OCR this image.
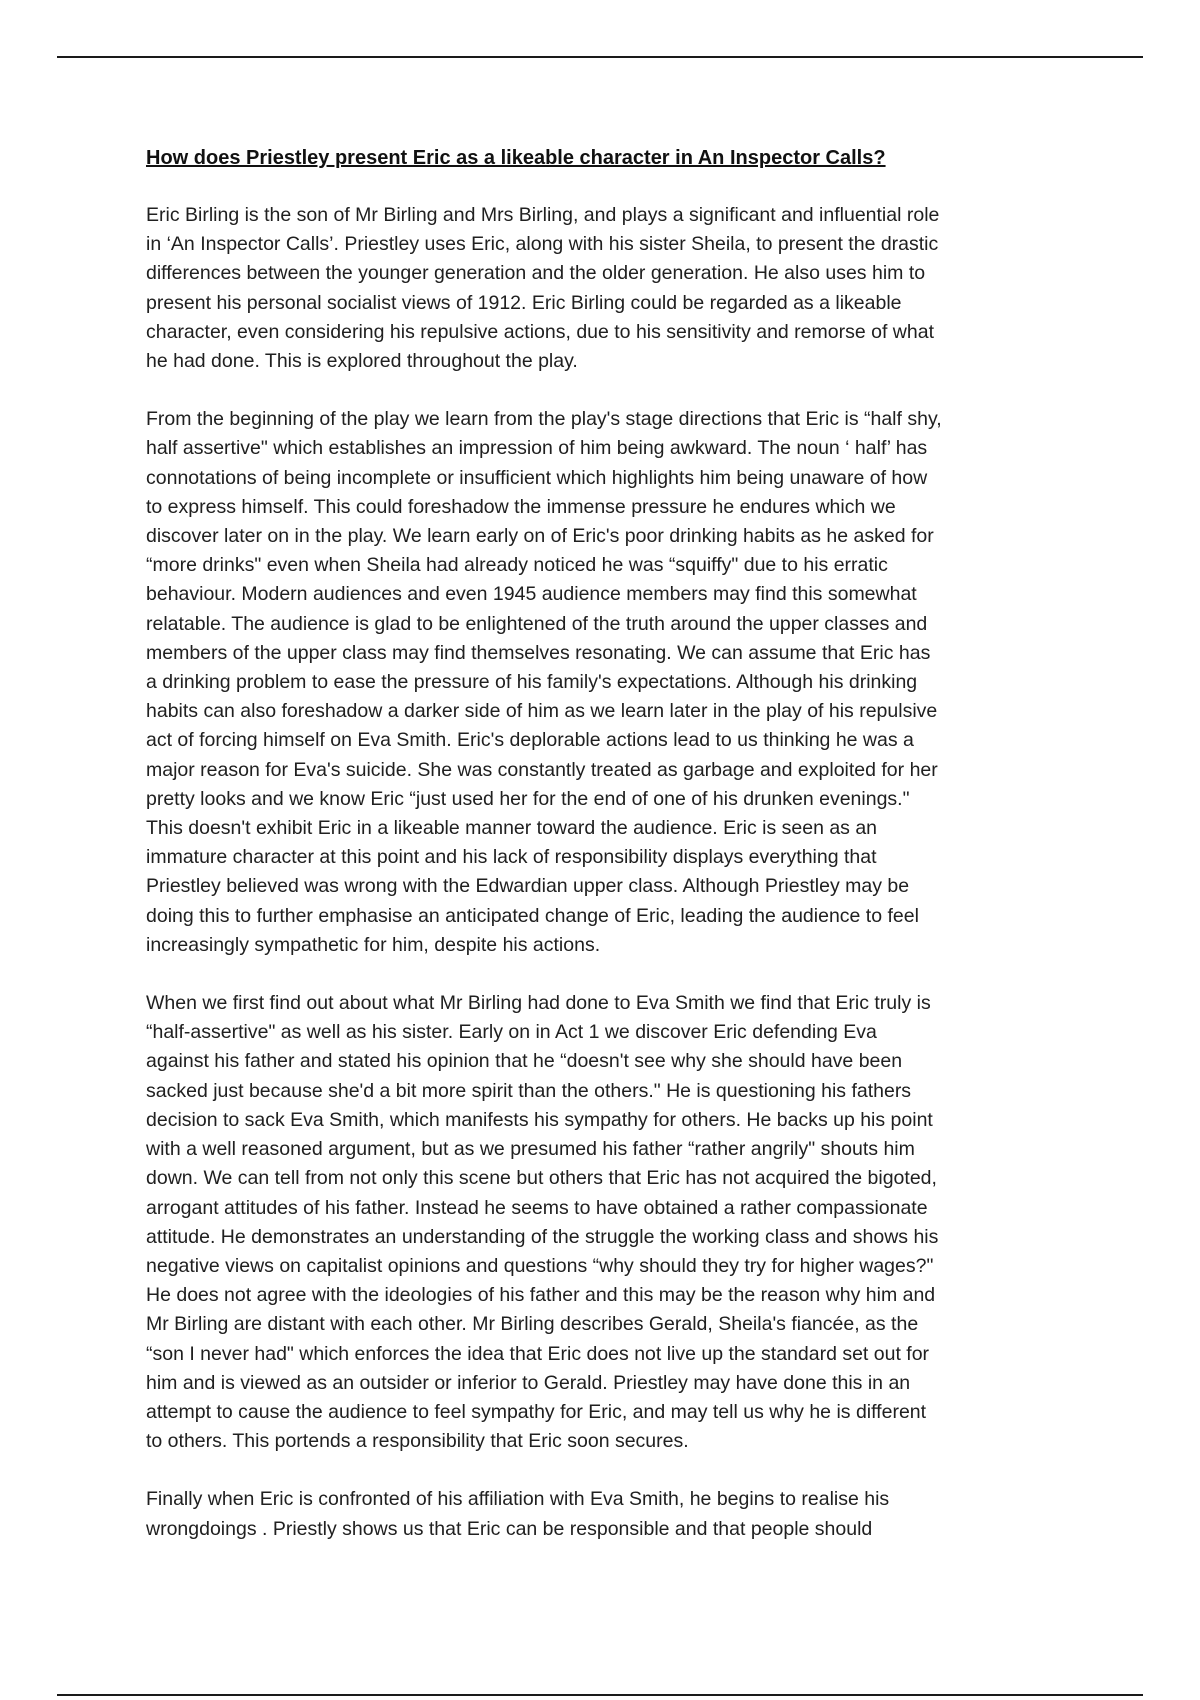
How does Priestley present Eric as a likeable character in An Inspector Calls?

Eric Birling is the son of Mr Birling and Mrs Birling, and plays a significant and influential role
in ‘An Inspector Calls’. Priestley uses Eric, along with his sister Sheila, to present the drastic
differences between the younger generation and the older generation. He also uses him to
present his personal socialist views of 1912. Eric Birling could be regarded as a likeable
character, even considering his repulsive actions, due to his sensitivity and remorse of what
he had done. This is explored throughout the play.

From the beginning of the play we learn from the play's stage directions that Eric is “half shy,
half assertive" which establishes an impression of him being awkward. The noun ‘ half’ has
connotations of being incomplete or insufficient which highlights him being unaware of how
to express himself. This could foreshadow the immense pressure he endures which we
discover later on in the play. We learn early on of Eric's poor drinking habits as he asked for
“more drinks" even when Sheila had already noticed he was “squiffy" due to his erratic
behaviour. Modern audiences and even 1945 audience members may find this somewhat
relatable. The audience is glad to be enlightened of the truth around the upper classes and
members of the upper class may find themselves resonating. We can assume that Eric has
a drinking problem to ease the pressure of his family's expectations. Although his drinking
habits can also foreshadow a darker side of him as we learn later in the play of his repulsive
act of forcing himself on Eva Smith. Eric's deplorable actions lead to us thinking he was a
major reason for Eva's suicide. She was constantly treated as garbage and exploited for her
pretty looks and we know Eric “just used her for the end of one of his drunken evenings."
This doesn't exhibit Eric in a likeable manner toward the audience. Eric is seen as an
immature character at this point and his lack of responsibility displays everything that
Priestley believed was wrong with the Edwardian upper class. Although Priestley may be
doing this to further emphasise an anticipated change of Eric, leading the audience to feel
increasingly sympathetic for him, despite his actions.

When we first find out about what Mr Birling had done to Eva Smith we find that Eric truly is
“half-assertive" as well as his sister. Early on in Act 1 we discover Eric defending Eva
against his father and stated his opinion that he “doesn't see why she should have been
sacked just because she'd a bit more spirit than the others." He is questioning his fathers
decision to sack Eva Smith, which manifests his sympathy for others. He backs up his point
with a well reasoned argument, but as we presumed his father “rather angrily" shouts him
down. We can tell from not only this scene but others that Eric has not acquired the bigoted,
arrogant attitudes of his father. Instead he seems to have obtained a rather compassionate
attitude. He demonstrates an understanding of the struggle the working class and shows his
negative views on capitalist opinions and questions “why should they try for higher wages?"
He does not agree with the ideologies of his father and this may be the reason why him and
Mr Birling are distant with each other. Mr Birling describes Gerald, Sheila's fiancée, as the
“son I never had" which enforces the idea that Eric does not live up the standard set out for
him and is viewed as an outsider or inferior to Gerald. Priestley may have done this in an
attempt to cause the audience to feel sympathy for Eric, and may tell us why he is different
to others. This portends a responsibility that Eric soon secures.

Finally when Eric is confronted of his affiliation with Eva Smith, he begins to realise his
wrongdoings . Priestly shows us that Eric can be responsible and that people should
